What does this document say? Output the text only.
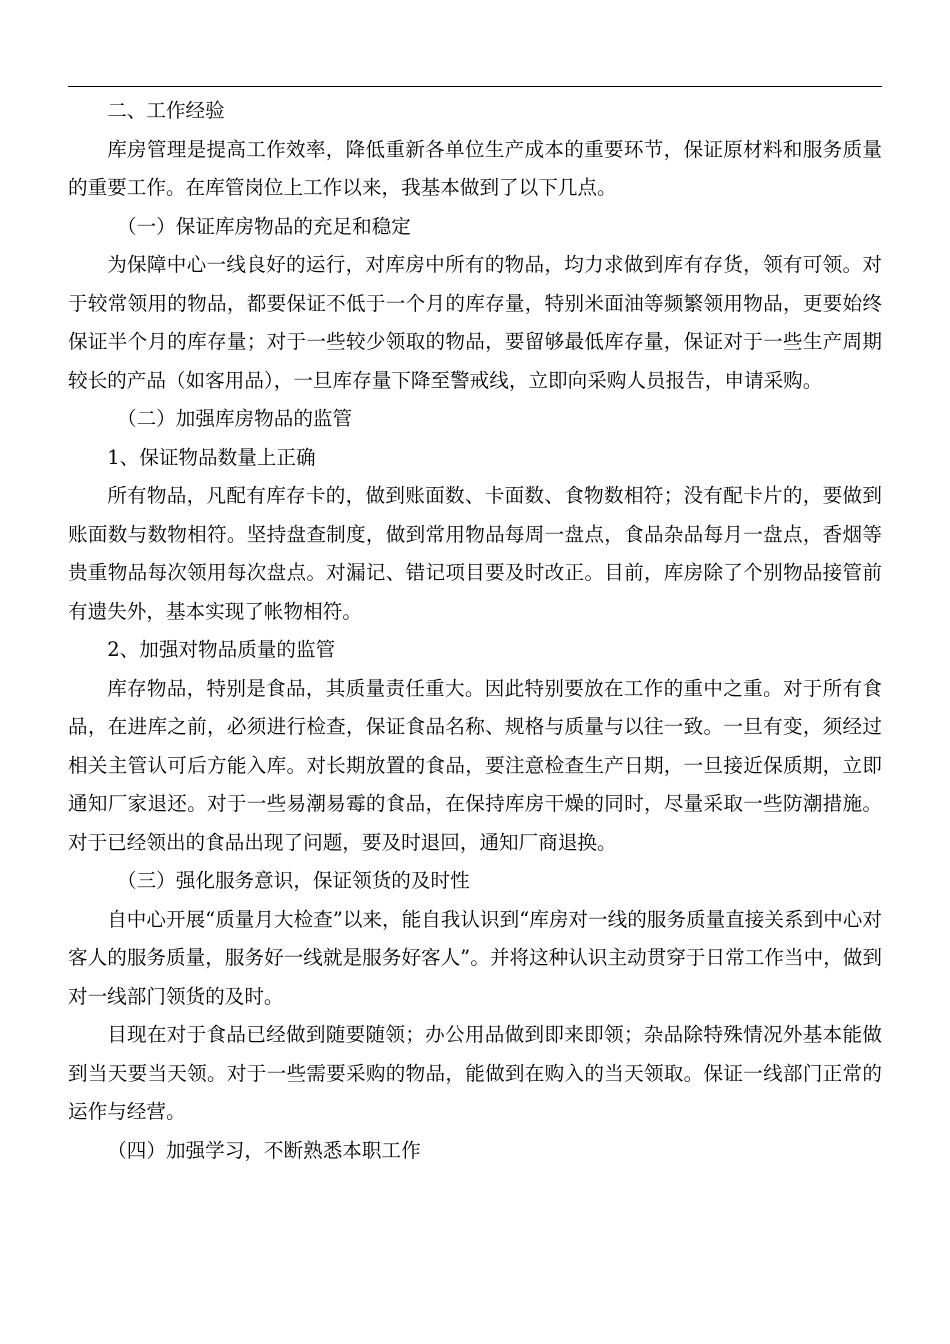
二、工作经验

库房管理是提高工作效率，降低重新各单位生产成本的重要环节，保证原材料和服务质量的重要工作。在库管岗位上工作以来，我基本做到了以下几点。

（一）保证库房物品的充足和稳定

为保障中心一线良好的运行，对库房中所有的物品，均力求做到库有存货，领有可领。对于较常领用的物品，都要保证不低于一个月的库存量，特别米面油等频繁领用物品，更要始终保证半个月的库存量；对于一些较少领取的物品，要留够最低库存量，保证对于一些生产周期较长的产品（如客用品），一旦库存量下降至警戒线，立即向采购人员报告，申请采购。

（二）加强库房物品的监管

1、保证物品数量上正确

所有物品，凡配有库存卡的，做到账面数、卡面数、食物数相符；没有配卡片的，要做到账面数与数物相符。坚持盘查制度，做到常用物品每周一盘点，食品杂品每月一盘点，香烟等贵重物品每次领用每次盘点。对漏记、错记项目要及时改正。目前，库房除了个别物品接管前有遗失外，基本实现了帐物相符。

2、加强对物品质量的监管

库存物品，特别是食品，其质量责任重大。因此特别要放在工作的重中之重。对于所有食品，在进库之前，必须进行检查，保证食品名称、规格与质量与以往一致。一旦有变，须经过相关主管认可后方能入库。对长期放置的食品，要注意检查生产日期，一旦接近保质期，立即通知厂家退还。对于一些易潮易霉的食品，在保持库房干燥的同时，尽量采取一些防潮措施。对于已经领出的食品出现了问题，要及时退回，通知厂商退换。

（三）强化服务意识，保证领货的及时性

自中心开展“质量月大检查”以来，能自我认识到“库房对一线的服务质量直接关系到中心对客人的服务质量，服务好一线就是服务好客人”。并将这种认识主动贯穿于日常工作当中，做到对一线部门领货的及时。

目现在对于食品已经做到随要随领；办公用品做到即来即领；杂品除特殊情况外基本能做到当天要当天领。对于一些需要采购的物品，能做到在购入的当天领取。保证一线部门正常的运作与经营。

（四）加强学习，不断熟悉本职工作
